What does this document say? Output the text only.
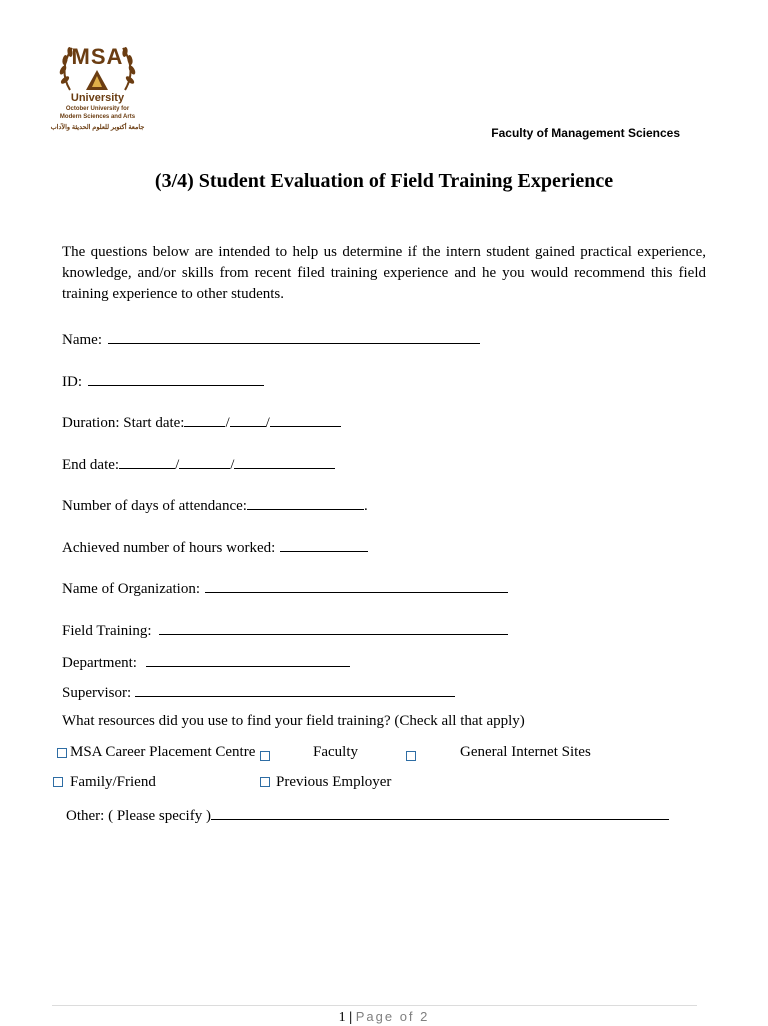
MSA
University
October University for
Modern Sciences and Arts
جامعة أكتوبر للعلوم الحديثة والآداب	Faculty of Management Sciences
(3/4) Student Evaluation of Field Training Experience
The questions below are intended to help us determine if the intern student gained practical experience, knowledge, and/or skills from recent filed training experience and he you would recommend this field training experience to other students.
Name:
ID:
Duration: Start date:	/ /
End date:	/	/
Number of days of attendance:	.
Achieved number of hours worked:
Name of Organization:
Field Training:
Department:
Supervisor:
What resources did you use to find your field training? (Check all that apply)
MSA Career Placement Centre	Faculty	General Internet Sites
Family/Friend	Previous Employer
Other: ( Please specify )
1 | Page of 2
